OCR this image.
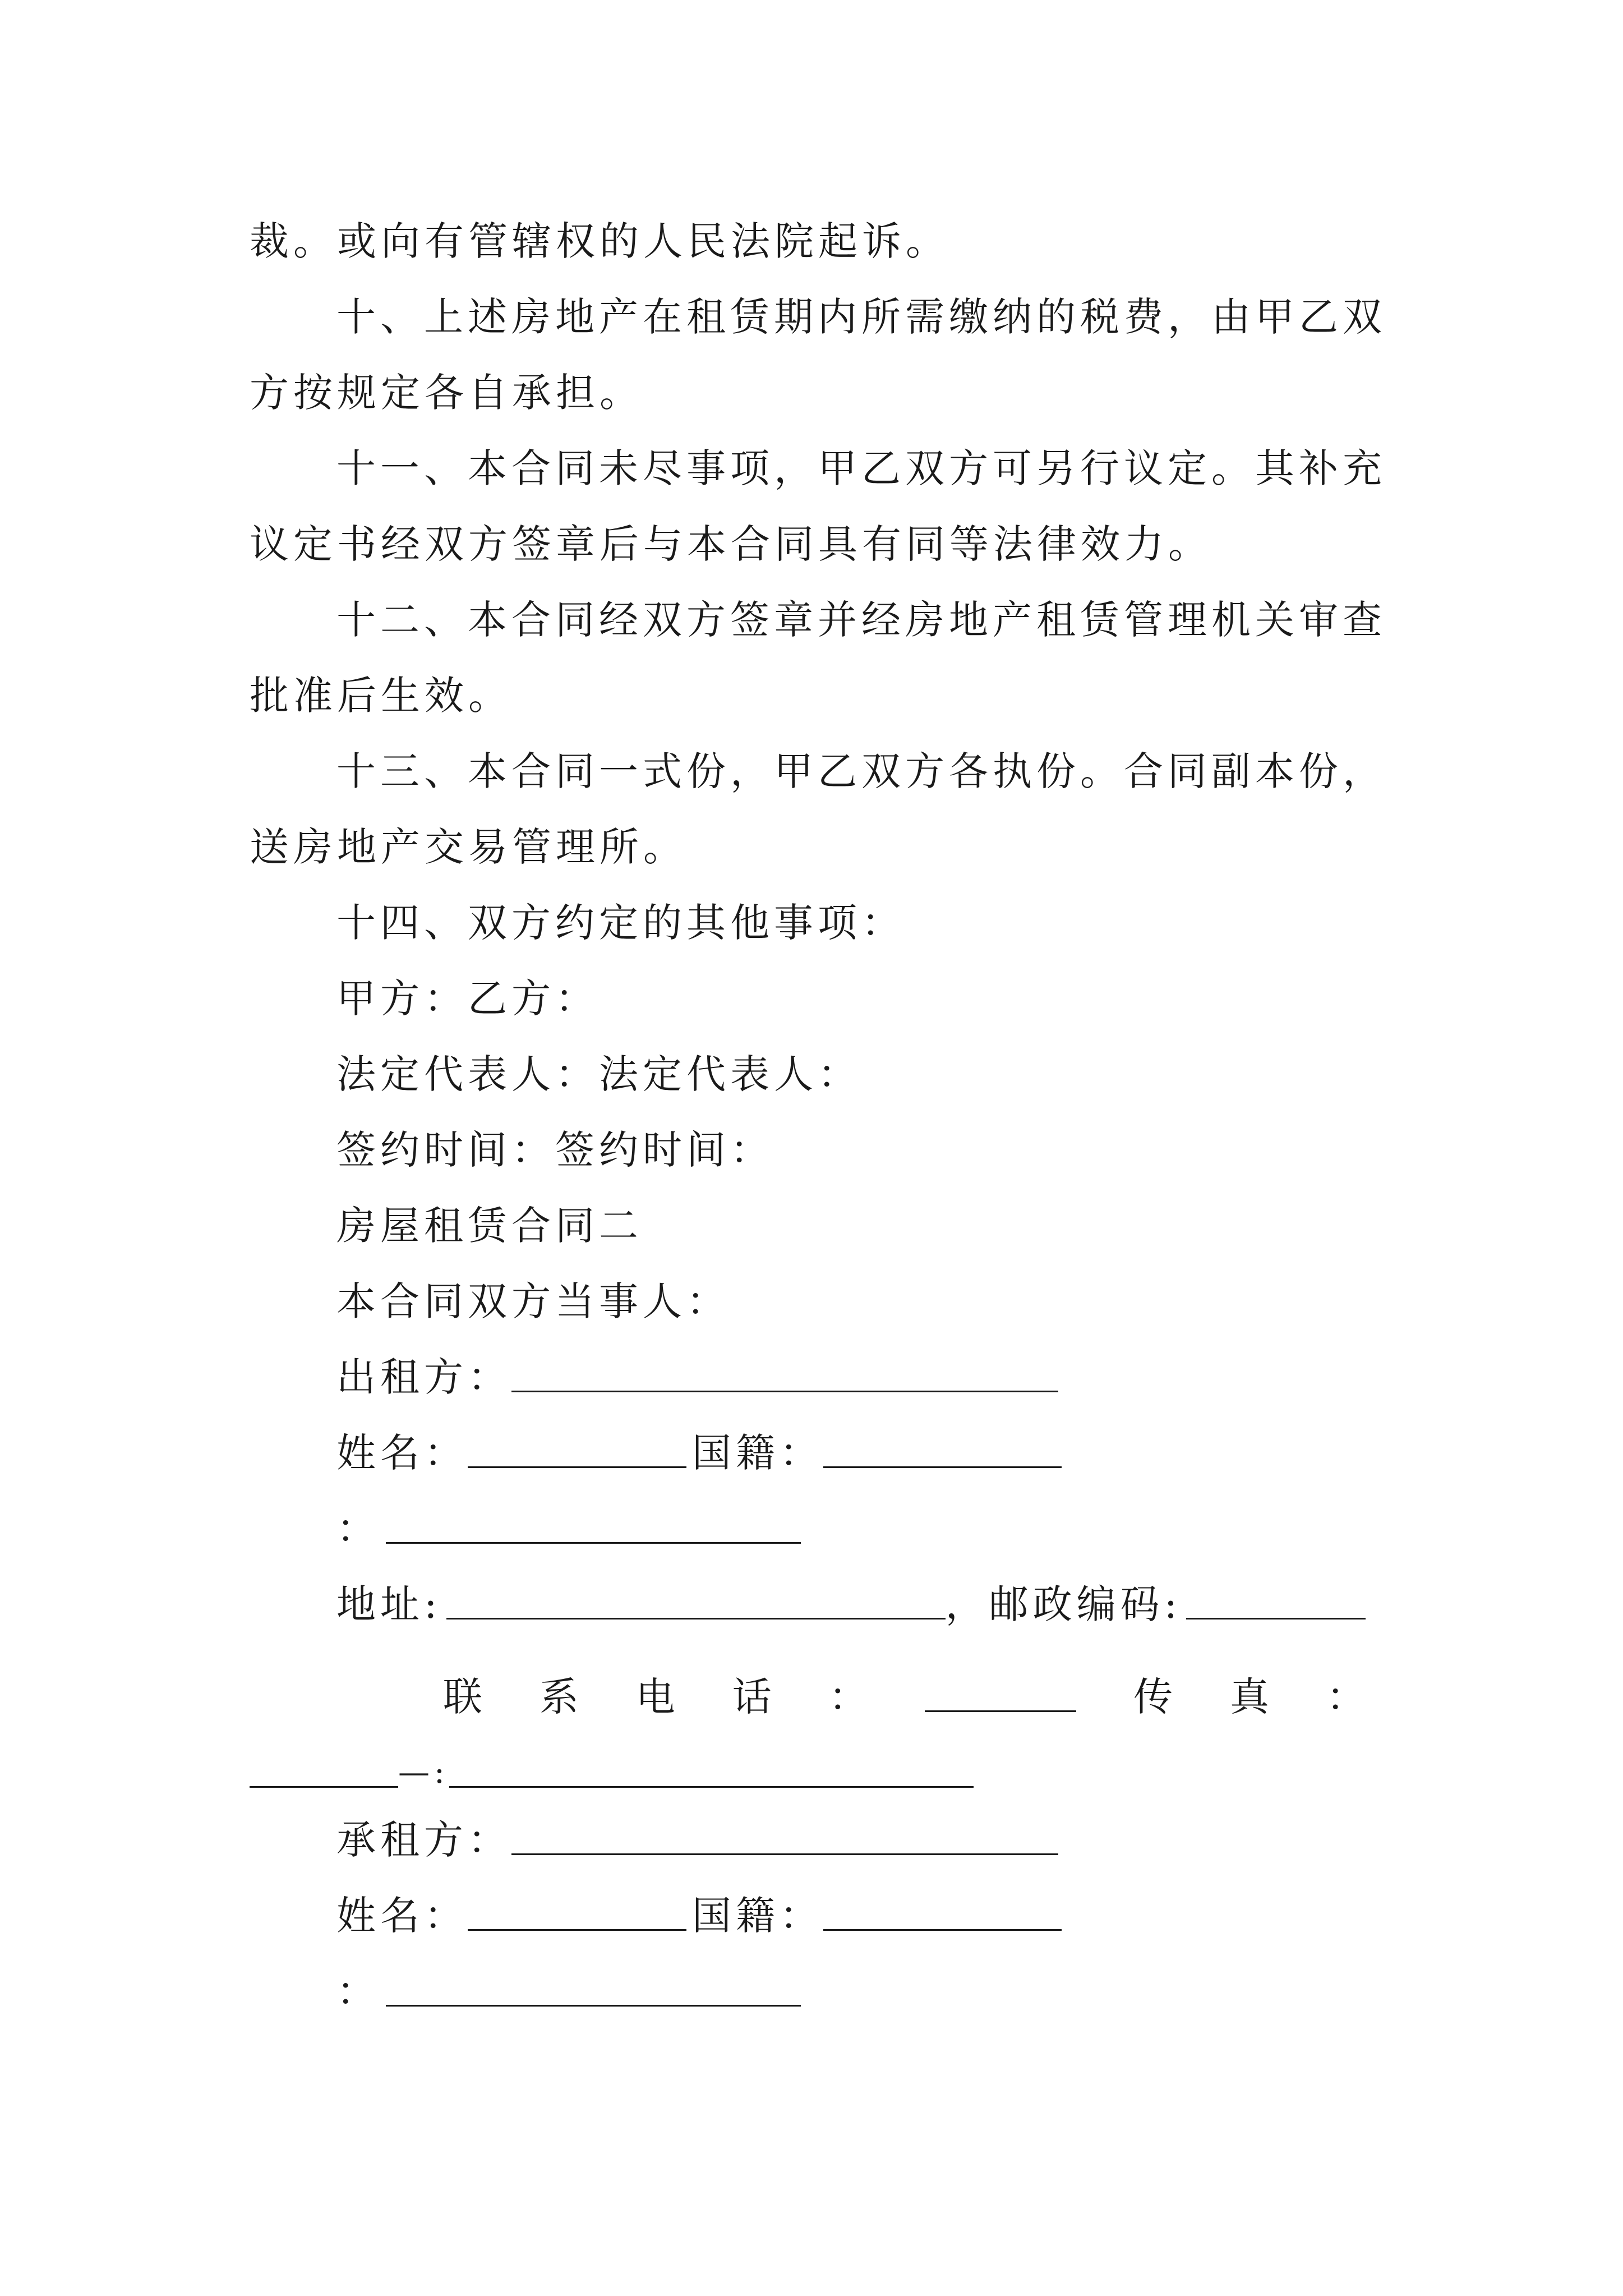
裁。或向有管辖权的人民法院起诉。
十、上述房地产在租赁期内所需缴纳的税费，由甲乙双
方按规定各自承担。
十一、本合同未尽事项，甲乙双方可另行议定。其补充
议定书经双方签章后与本合同具有同等法律效力。
十二、本合同经双方签章并经房地产租赁管理机关审查
批准后生效。
十三、本合同一式份，甲乙双方各执份。合同副本份，
送房地产交易管理所。
十四、双方约定的其他事项：
甲方：乙方：
法定代表人：法定代表人：
签约时间：签约时间：
房屋租赁合同二
本合同双方当事人：
出租方：
姓名：	国籍：
：
地址:	，邮政编码:
联 系 电 话 ：	传 真 ：
—:
承租方：
姓名：	国籍：
：
